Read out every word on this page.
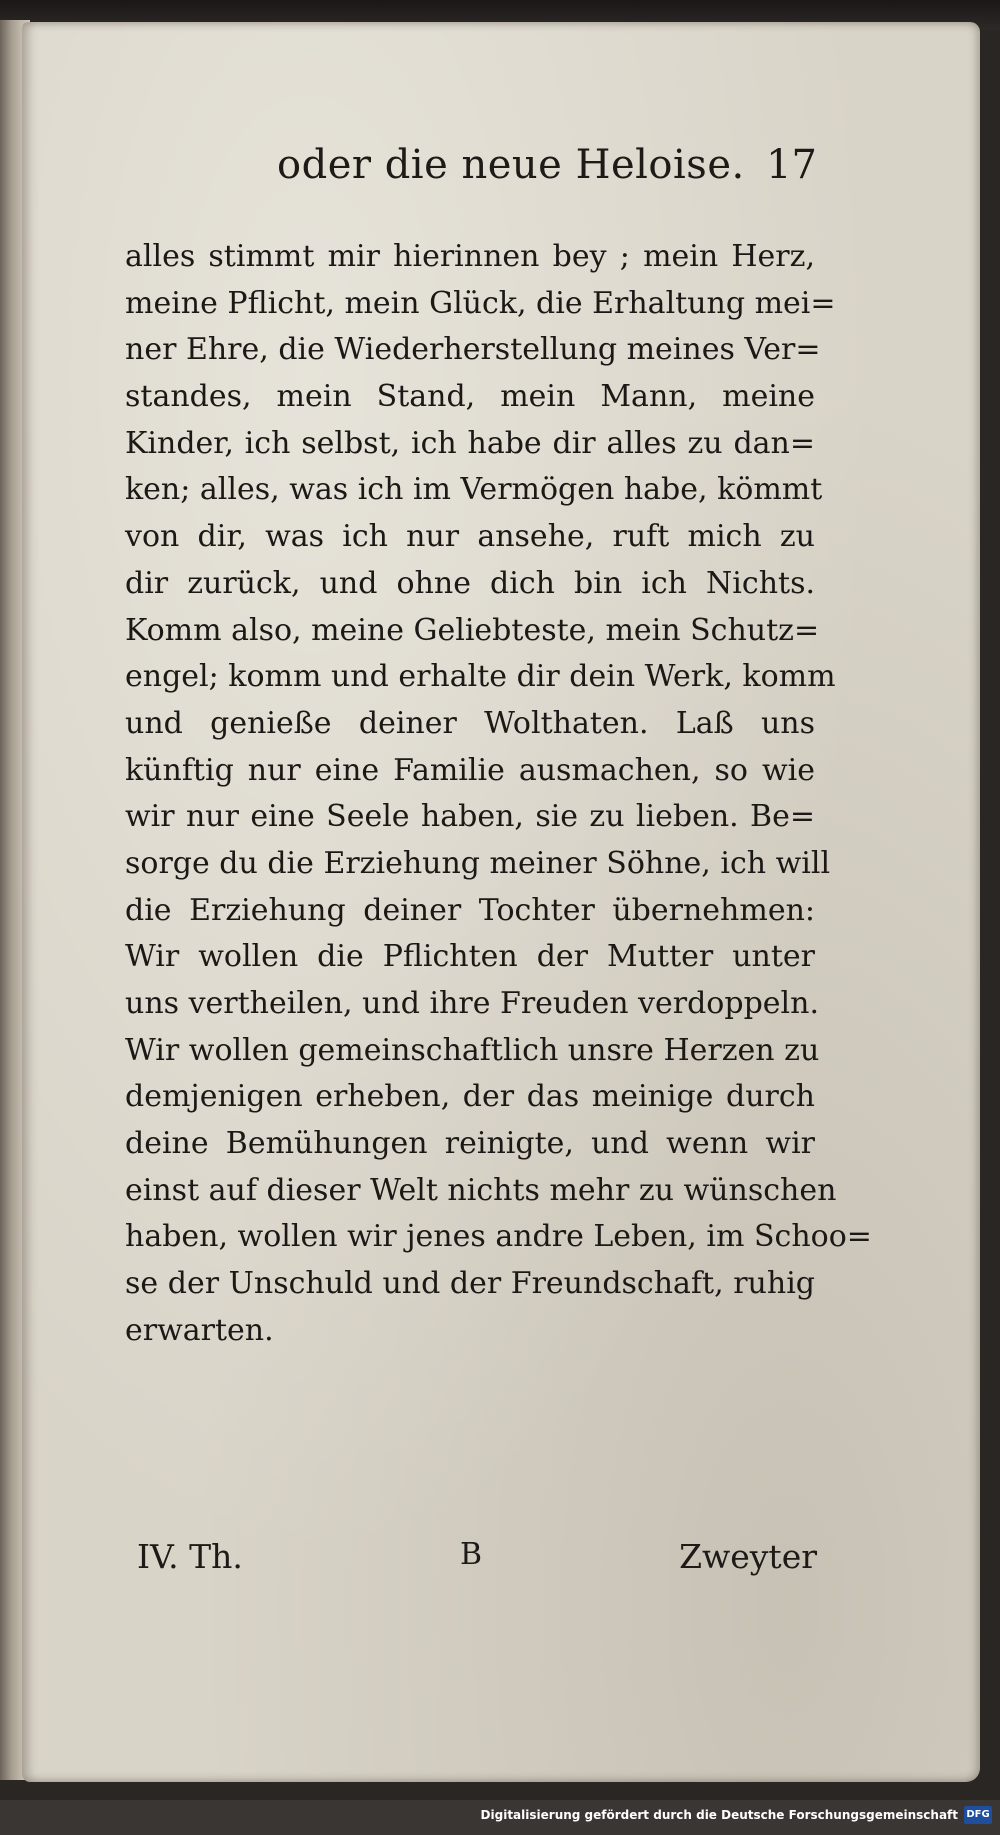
oder die neue Heloise. 17
alles stimmt mir hierinnen bey ; mein Herz,
meine Pflicht, mein Glück, die Erhaltung mei=
ner Ehre, die Wiederherstellung meines Ver=
standes, mein Stand, mein Mann, meine
Kinder, ich selbst, ich habe dir alles zu dan=
ken; alles, was ich im Vermögen habe, kömmt
von dir, was ich nur ansehe, ruft mich zu
dir zurück, und ohne dich bin ich Nichts.
Komm also, meine Geliebteste, mein Schutz=
engel; komm und erhalte dir dein Werk, komm
und genieße deiner Wolthaten. Laß uns
künftig nur eine Familie ausmachen, so wie
wir nur eine Seele haben, sie zu lieben. Be=
sorge du die Erziehung meiner Söhne, ich will
die Erziehung deiner Tochter übernehmen:
Wir wollen die Pflichten der Mutter unter
uns vertheilen, und ihre Freuden verdoppeln.
Wir wollen gemeinschaftlich unsre Herzen zu
demjenigen erheben, der das meinige durch
deine Bemühungen reinigte, und wenn wir
einst auf dieser Welt nichts mehr zu wünschen
haben, wollen wir jenes andre Leben, im Schoo=
se der Unschuld und der Freundschaft, ruhig
erwarten.
IV. Th.	B	Zweyter
Digitalisierung gefördert durch die Deutsche Forschungsgemeinschaft DFG
